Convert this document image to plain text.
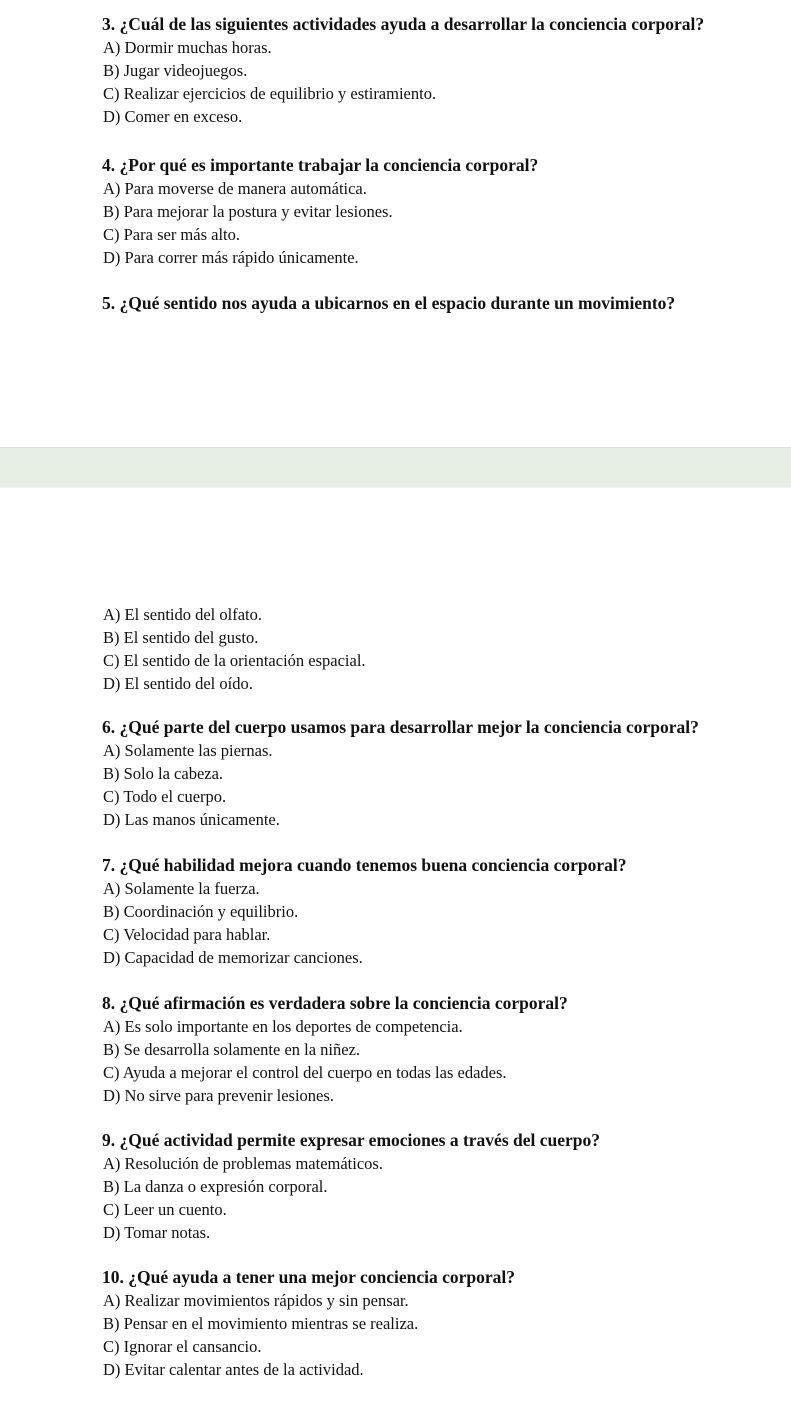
3. ¿Cuál de las siguientes actividades ayuda a desarrollar la conciencia corporal?
A) Dormir muchas horas.
B) Jugar videojuegos.
C) Realizar ejercicios de equilibrio y estiramiento.
D) Comer en exceso.
4. ¿Por qué es importante trabajar la conciencia corporal?
A) Para moverse de manera automática.
B) Para mejorar la postura y evitar lesiones.
C) Para ser más alto.
D) Para correr más rápido únicamente.
5. ¿Qué sentido nos ayuda a ubicarnos en el espacio durante un movimiento?
A) El sentido del olfato.
B) El sentido del gusto.
C) El sentido de la orientación espacial.
D) El sentido del oído.
6. ¿Qué parte del cuerpo usamos para desarrollar mejor la conciencia corporal?
A) Solamente las piernas.
B) Solo la cabeza.
C) Todo el cuerpo.
D) Las manos únicamente.
7. ¿Qué habilidad mejora cuando tenemos buena conciencia corporal?
A) Solamente la fuerza.
B) Coordinación y equilibrio.
C) Velocidad para hablar.
D) Capacidad de memorizar canciones.
8. ¿Qué afirmación es verdadera sobre la conciencia corporal?
A) Es solo importante en los deportes de competencia.
B) Se desarrolla solamente en la niñez.
C) Ayuda a mejorar el control del cuerpo en todas las edades.
D) No sirve para prevenir lesiones.
9. ¿Qué actividad permite expresar emociones a través del cuerpo?
A) Resolución de problemas matemáticos.
B) La danza o expresión corporal.
C) Leer un cuento.
D) Tomar notas.
10. ¿Qué ayuda a tener una mejor conciencia corporal?
A) Realizar movimientos rápidos y sin pensar.
B) Pensar en el movimiento mientras se realiza.
C) Ignorar el cansancio.
D) Evitar calentar antes de la actividad.
